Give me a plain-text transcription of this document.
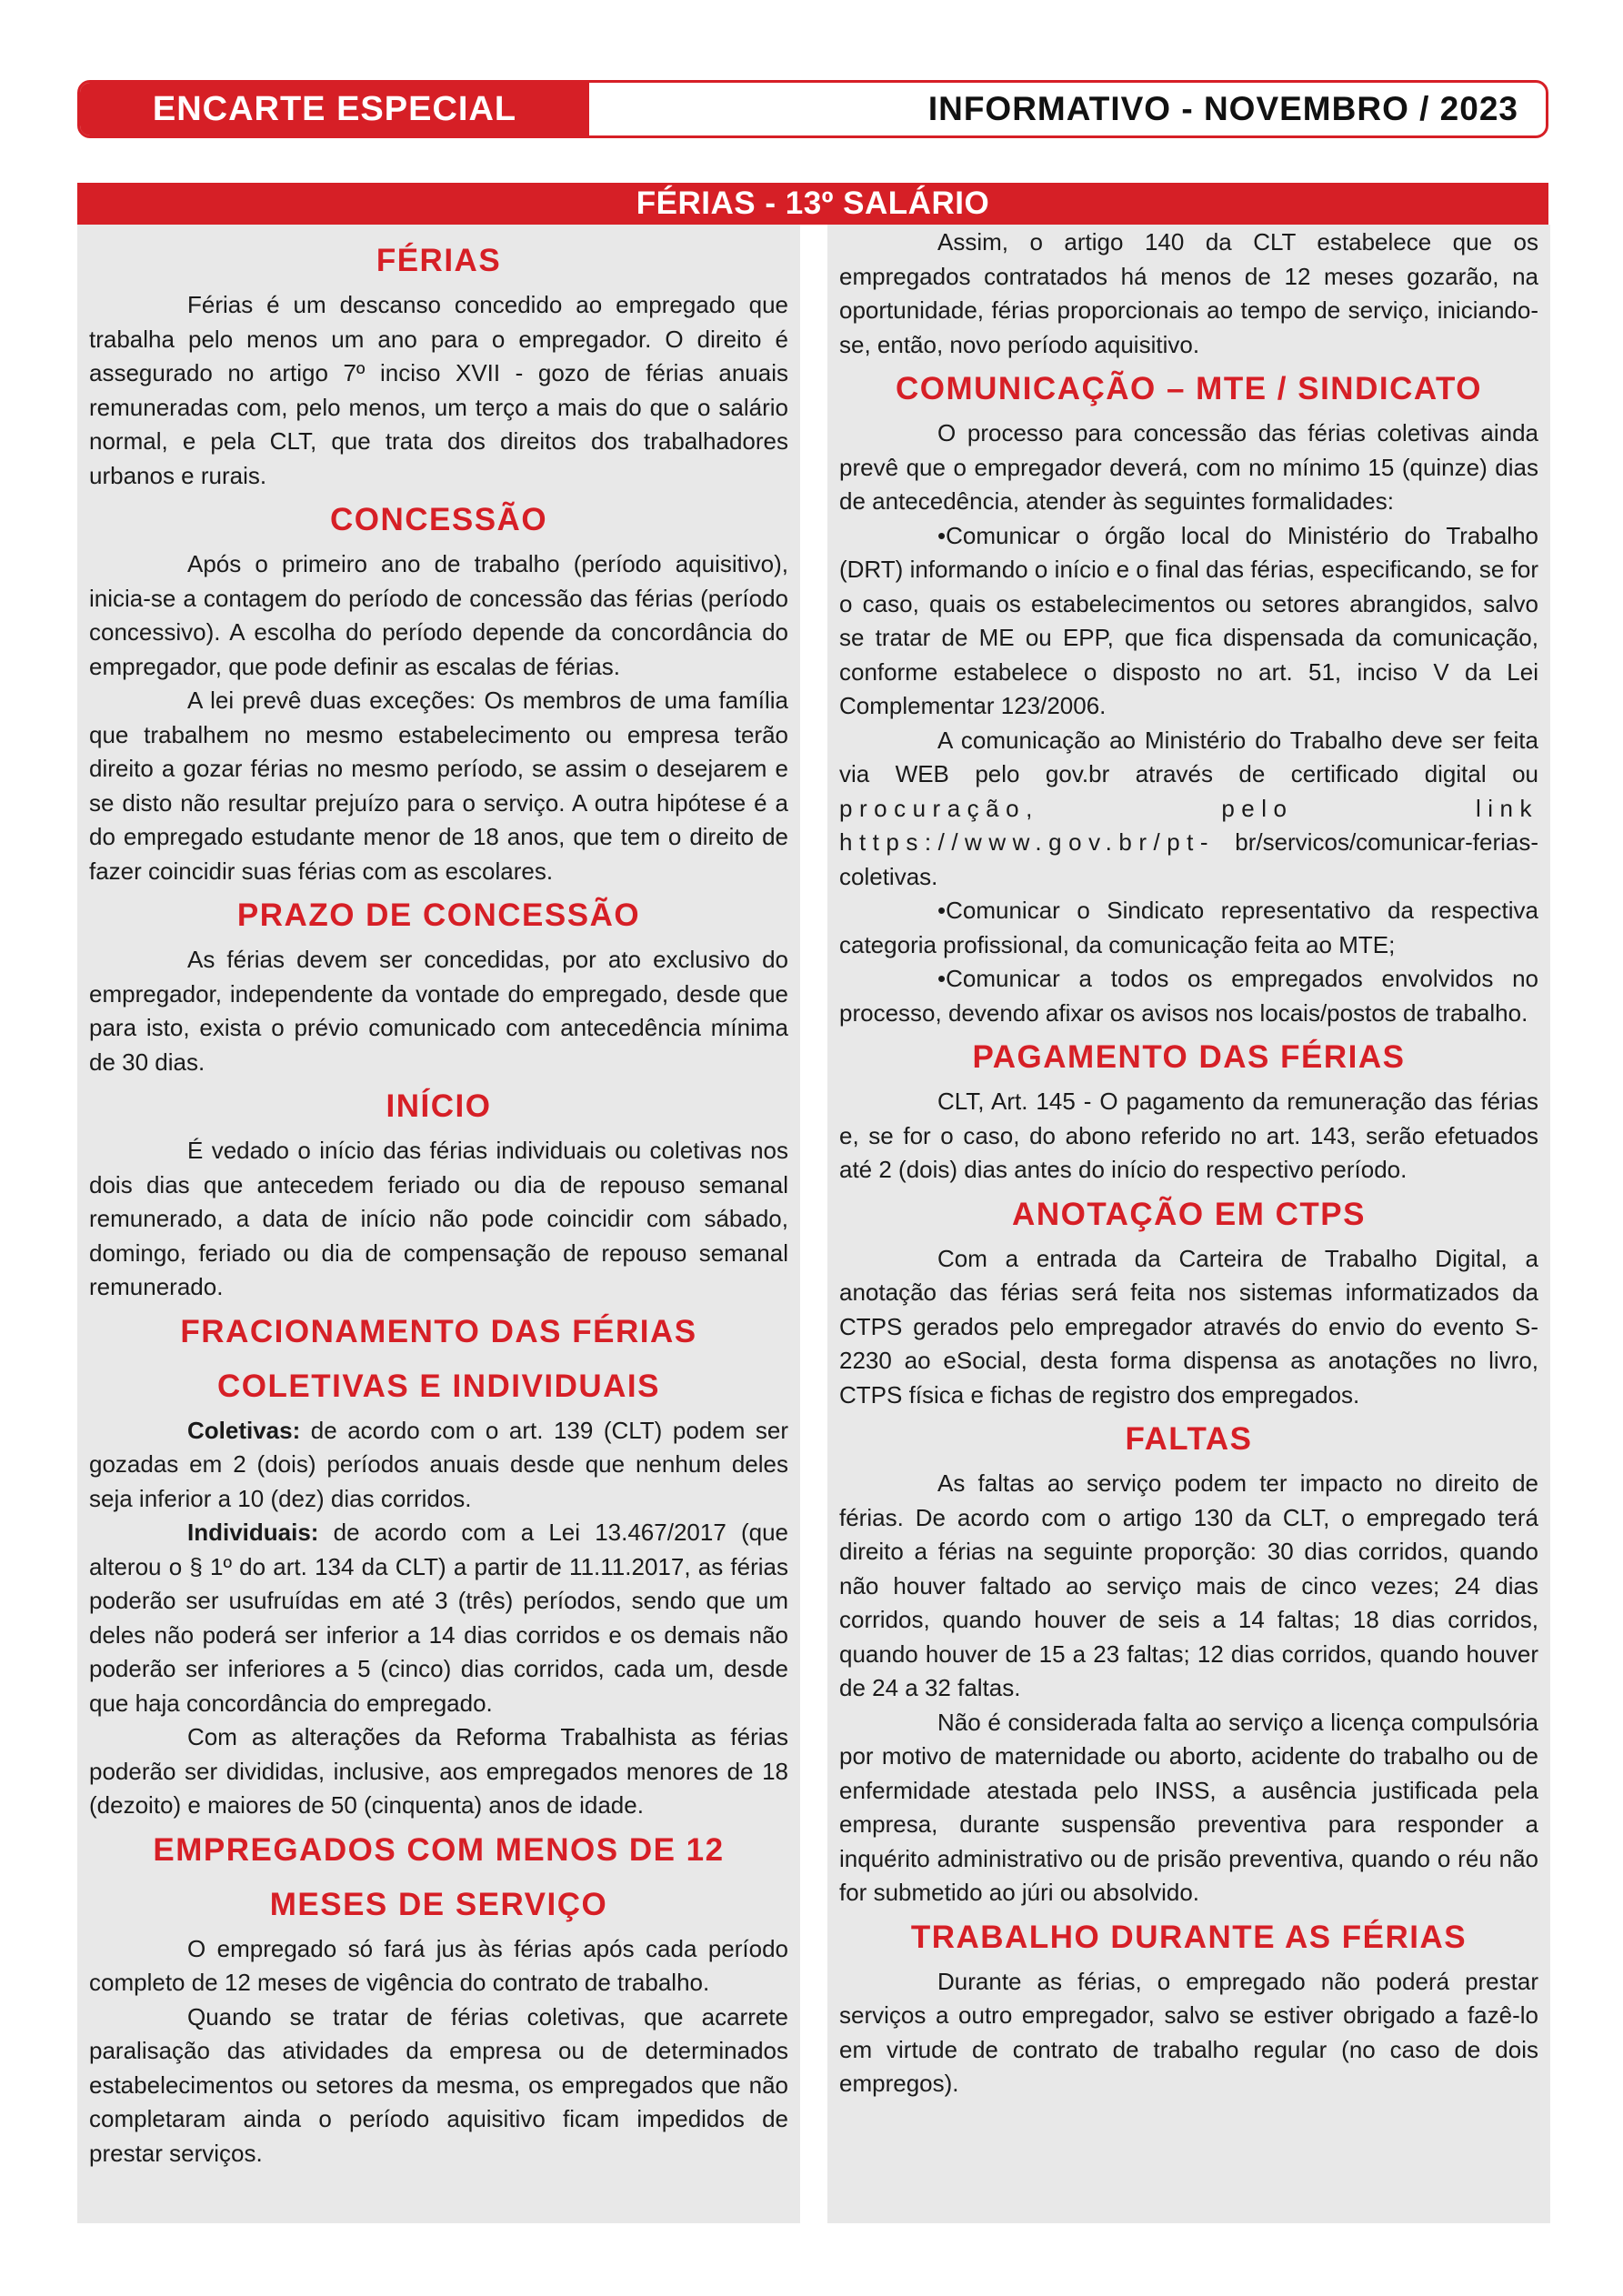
ENCARTE ESPECIAL	INFORMATIVO - NOVEMBRO / 2023
FÉRIAS - 13º SALÁRIO
FÉRIAS

Férias é um descanso concedido ao empregado que trabalha pelo menos um ano para o empregador. O direito é assegurado no artigo 7º inciso XVII - gozo de férias anuais remuneradas com, pelo menos, um terço a mais do que o salário normal, e pela CLT, que trata dos direitos dos trabalhadores urbanos e rurais.

CONCESSÃO

Após o primeiro ano de trabalho (período aquisitivo), inicia-se a contagem do período de concessão das férias (período concessivo). A escolha do período depende da concordância do empregador, que pode definir as escalas de férias.

A lei prevê duas exceções: Os membros de uma família que trabalhem no mesmo estabelecimento ou empresa terão direito a gozar férias no mesmo período, se assim o desejarem e se disto não resultar prejuízo para o serviço. A outra hipótese é a do empregado estudante menor de 18 anos, que tem o direito de fazer coincidir suas férias com as escolares.

PRAZO DE CONCESSÃO

As férias devem ser concedidas, por ato exclusivo do empregador, independente da vontade do empregado, desde que para isto, exista o prévio comunicado com antecedência mínima de 30 dias.

INÍCIO

É vedado o início das férias individuais ou coletivas nos dois dias que antecedem feriado ou dia de repouso semanal remunerado, a data de início não pode coincidir com sábado, domingo, feriado ou dia de compensação de repouso semanal remunerado.

FRACIONAMENTO DAS FÉRIAS
COLETIVAS E INDIVIDUAIS

Coletivas: de acordo com o art. 139 (CLT) podem ser gozadas em 2 (dois) períodos anuais desde que nenhum deles seja inferior a 10 (dez) dias corridos.

Individuais: de acordo com a Lei 13.467/2017 (que alterou o § 1º do art. 134 da CLT) a partir de 11.11.2017, as férias poderão ser usufruídas em até 3 (três) períodos, sendo que um deles não poderá ser inferior a 14 dias corridos e os demais não poderão ser inferiores a 5 (cinco) dias corridos, cada um, desde que haja concordância do empregado.

Com as alterações da Reforma Trabalhista as férias poderão ser divididas, inclusive, aos empregados menores de 18 (dezoito) e maiores de 50 (cinquenta) anos de idade.

EMPREGADOS COM MENOS DE 12
MESES DE SERVIÇO

O empregado só fará jus às férias após cada período completo de 12 meses de vigência do contrato de trabalho.

Quando se tratar de férias coletivas, que acarrete paralisação das atividades da empresa ou de determinados estabelecimentos ou setores da mesma, os empregados que não completaram ainda o período aquisitivo ficam impedidos de prestar serviços.

Assim, o artigo 140 da CLT estabelece que os empregados contratados há menos de 12 meses gozarão, na oportunidade, férias proporcionais ao tempo de serviço, iniciando-se, então, novo período aquisitivo.

COMUNICAÇÃO – MTE / SINDICATO

O processo para concessão das férias coletivas ainda prevê que o empregador deverá, com no mínimo 15 (quinze) dias de antecedência, atender às seguintes formalidades:

•Comunicar o órgão local do Ministério do Trabalho (DRT) informando o início e o final das férias, especificando, se for o caso, quais os estabelecimentos ou setores abrangidos, salvo se tratar de ME ou EPP, que fica dispensada da comunicação, conforme estabelece o disposto no art. 51, inciso V da Lei Complementar 123/2006.

A comunicação ao Ministério do Trabalho deve ser feita via WEB pelo gov.br através de certificado digital ou procuração, pelo link https://www.gov.br/pt- br/servicos/comunicar-ferias-coletivas.

•Comunicar o Sindicato representativo da respectiva categoria profissional, da comunicação feita ao MTE;

•Comunicar a todos os empregados envolvidos no processo, devendo afixar os avisos nos locais/postos de trabalho.

PAGAMENTO DAS FÉRIAS

CLT, Art. 145 - O pagamento da remuneração das férias e, se for o caso, do abono referido no art. 143, serão efetuados até 2 (dois) dias antes do início do respectivo período.

ANOTAÇÃO EM CTPS

Com a entrada da Carteira de Trabalho Digital, a anotação das férias será feita nos sistemas informatizados da CTPS gerados pelo empregador através do envio do evento S-2230 ao eSocial, desta forma dispensa as anotações no livro, CTPS física e fichas de registro dos empregados.

FALTAS

As faltas ao serviço podem ter impacto no direito de férias. De acordo com o artigo 130 da CLT, o empregado terá direito a férias na seguinte proporção: 30 dias corridos, quando não houver faltado ao serviço mais de cinco vezes; 24 dias corridos, quando houver de seis a 14 faltas; 18 dias corridos, quando houver de 15 a 23 faltas; 12 dias corridos, quando houver de 24 a 32 faltas.

Não é considerada falta ao serviço a licença compulsória por motivo de maternidade ou aborto, acidente do trabalho ou de enfermidade atestada pelo INSS, a ausência justificada pela empresa, durante suspensão preventiva para responder a inquérito administrativo ou de prisão preventiva, quando o réu não for submetido ao júri ou absolvido.

TRABALHO DURANTE AS FÉRIAS

Durante as férias, o empregado não poderá prestar serviços a outro empregador, salvo se estiver obrigado a fazê-lo em virtude de contrato de trabalho regular (no caso de dois empregos).
